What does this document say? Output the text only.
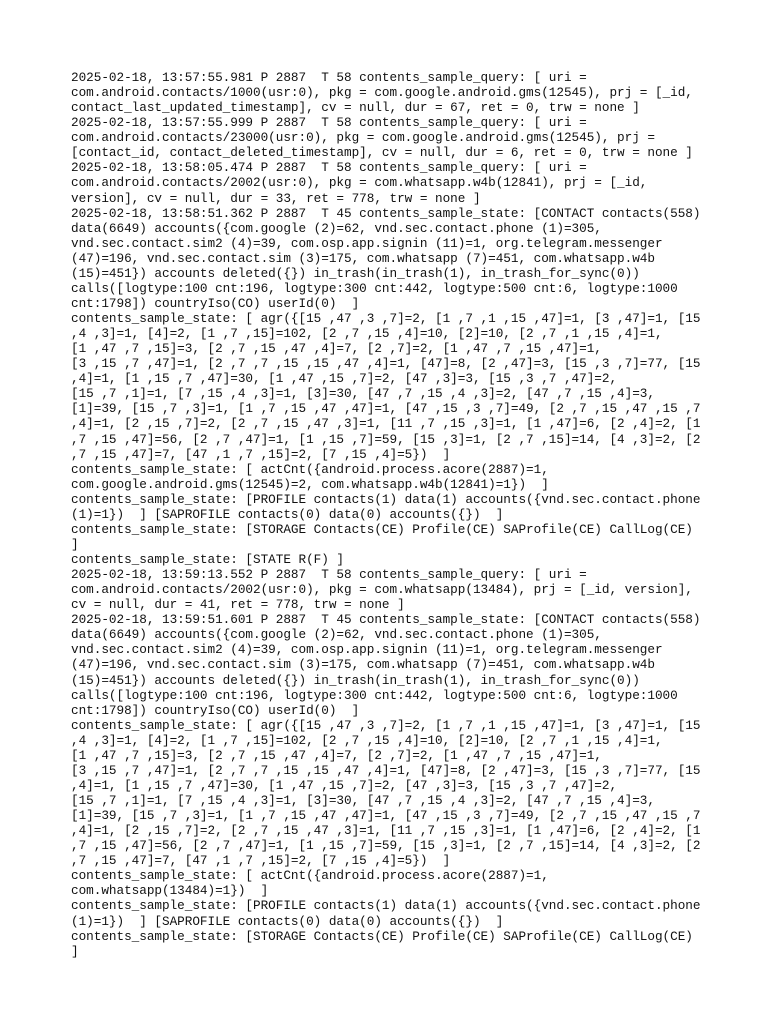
2025-02-18, 13:57:55.981 P 2887  T 58 contents_sample_query: [ uri =
com.android.contacts/1000(usr:0), pkg = com.google.android.gms(12545), prj = [_id,
contact_last_updated_timestamp], cv = null, dur = 67, ret = 0, trw = none ]
2025-02-18, 13:57:55.999 P 2887  T 58 contents_sample_query: [ uri =
com.android.contacts/23000(usr:0), pkg = com.google.android.gms(12545), prj =
[contact_id, contact_deleted_timestamp], cv = null, dur = 6, ret = 0, trw = none ]
2025-02-18, 13:58:05.474 P 2887  T 58 contents_sample_query: [ uri =
com.android.contacts/2002(usr:0), pkg = com.whatsapp.w4b(12841), prj = [_id,
version], cv = null, dur = 33, ret = 778, trw = none ]
2025-02-18, 13:58:51.362 P 2887  T 45 contents_sample_state: [CONTACT contacts(558)
data(6649) accounts({com.google (2)=62, vnd.sec.contact.phone (1)=305,
vnd.sec.contact.sim2 (4)=39, com.osp.app.signin (11)=1, org.telegram.messenger
(47)=196, vnd.sec.contact.sim (3)=175, com.whatsapp (7)=451, com.whatsapp.w4b
(15)=451}) accounts deleted({}) in_trash(in_trash(1), in_trash_for_sync(0))
calls([logtype:100 cnt:196, logtype:300 cnt:442, logtype:500 cnt:6, logtype:1000
cnt:1798]) countryIso(CO) userId(0)  ]
contents_sample_state: [ agr({[15 ,47 ,3 ,7]=2, [1 ,7 ,1 ,15 ,47]=1, [3 ,47]=1, [15
,4 ,3]=1, [4]=2, [1 ,7 ,15]=102, [2 ,7 ,15 ,4]=10, [2]=10, [2 ,7 ,1 ,15 ,4]=1,
[1 ,47 ,7 ,15]=3, [2 ,7 ,15 ,47 ,4]=7, [2 ,7]=2, [1 ,47 ,7 ,15 ,47]=1,
[3 ,15 ,7 ,47]=1, [2 ,7 ,7 ,15 ,15 ,47 ,4]=1, [47]=8, [2 ,47]=3, [15 ,3 ,7]=77, [15
,4]=1, [1 ,15 ,7 ,47]=30, [1 ,47 ,15 ,7]=2, [47 ,3]=3, [15 ,3 ,7 ,47]=2,
[15 ,7 ,1]=1, [7 ,15 ,4 ,3]=1, [3]=30, [47 ,7 ,15 ,4 ,3]=2, [47 ,7 ,15 ,4]=3,
[1]=39, [15 ,7 ,3]=1, [1 ,7 ,15 ,47 ,47]=1, [47 ,15 ,3 ,7]=49, [2 ,7 ,15 ,47 ,15 ,7
,4]=1, [2 ,15 ,7]=2, [2 ,7 ,15 ,47 ,3]=1, [11 ,7 ,15 ,3]=1, [1 ,47]=6, [2 ,4]=2, [1
,7 ,15 ,47]=56, [2 ,7 ,47]=1, [1 ,15 ,7]=59, [15 ,3]=1, [2 ,7 ,15]=14, [4 ,3]=2, [2
,7 ,15 ,47]=7, [47 ,1 ,7 ,15]=2, [7 ,15 ,4]=5})  ]
contents_sample_state: [ actCnt({android.process.acore(2887)=1,
com.google.android.gms(12545)=2, com.whatsapp.w4b(12841)=1})  ]
contents_sample_state: [PROFILE contacts(1) data(1) accounts({vnd.sec.contact.phone
(1)=1})  ] [SAPROFILE contacts(0) data(0) accounts({})  ]
contents_sample_state: [STORAGE Contacts(CE) Profile(CE) SAProfile(CE) CallLog(CE)
]
contents_sample_state: [STATE R(F) ]
2025-02-18, 13:59:13.552 P 2887  T 58 contents_sample_query: [ uri =
com.android.contacts/2002(usr:0), pkg = com.whatsapp(13484), prj = [_id, version],
cv = null, dur = 41, ret = 778, trw = none ]
2025-02-18, 13:59:51.601 P 2887  T 45 contents_sample_state: [CONTACT contacts(558)
data(6649) accounts({com.google (2)=62, vnd.sec.contact.phone (1)=305,
vnd.sec.contact.sim2 (4)=39, com.osp.app.signin (11)=1, org.telegram.messenger
(47)=196, vnd.sec.contact.sim (3)=175, com.whatsapp (7)=451, com.whatsapp.w4b
(15)=451}) accounts deleted({}) in_trash(in_trash(1), in_trash_for_sync(0))
calls([logtype:100 cnt:196, logtype:300 cnt:442, logtype:500 cnt:6, logtype:1000
cnt:1798]) countryIso(CO) userId(0)  ]
contents_sample_state: [ agr({[15 ,47 ,3 ,7]=2, [1 ,7 ,1 ,15 ,47]=1, [3 ,47]=1, [15
,4 ,3]=1, [4]=2, [1 ,7 ,15]=102, [2 ,7 ,15 ,4]=10, [2]=10, [2 ,7 ,1 ,15 ,4]=1,
[1 ,47 ,7 ,15]=3, [2 ,7 ,15 ,47 ,4]=7, [2 ,7]=2, [1 ,47 ,7 ,15 ,47]=1,
[3 ,15 ,7 ,47]=1, [2 ,7 ,7 ,15 ,15 ,47 ,4]=1, [47]=8, [2 ,47]=3, [15 ,3 ,7]=77, [15
,4]=1, [1 ,15 ,7 ,47]=30, [1 ,47 ,15 ,7]=2, [47 ,3]=3, [15 ,3 ,7 ,47]=2,
[15 ,7 ,1]=1, [7 ,15 ,4 ,3]=1, [3]=30, [47 ,7 ,15 ,4 ,3]=2, [47 ,7 ,15 ,4]=3,
[1]=39, [15 ,7 ,3]=1, [1 ,7 ,15 ,47 ,47]=1, [47 ,15 ,3 ,7]=49, [2 ,7 ,15 ,47 ,15 ,7
,4]=1, [2 ,15 ,7]=2, [2 ,7 ,15 ,47 ,3]=1, [11 ,7 ,15 ,3]=1, [1 ,47]=6, [2 ,4]=2, [1
,7 ,15 ,47]=56, [2 ,7 ,47]=1, [1 ,15 ,7]=59, [15 ,3]=1, [2 ,7 ,15]=14, [4 ,3]=2, [2
,7 ,15 ,47]=7, [47 ,1 ,7 ,15]=2, [7 ,15 ,4]=5})  ]
contents_sample_state: [ actCnt({android.process.acore(2887)=1,
com.whatsapp(13484)=1})  ]
contents_sample_state: [PROFILE contacts(1) data(1) accounts({vnd.sec.contact.phone
(1)=1})  ] [SAPROFILE contacts(0) data(0) accounts({})  ]
contents_sample_state: [STORAGE Contacts(CE) Profile(CE) SAProfile(CE) CallLog(CE)
]
